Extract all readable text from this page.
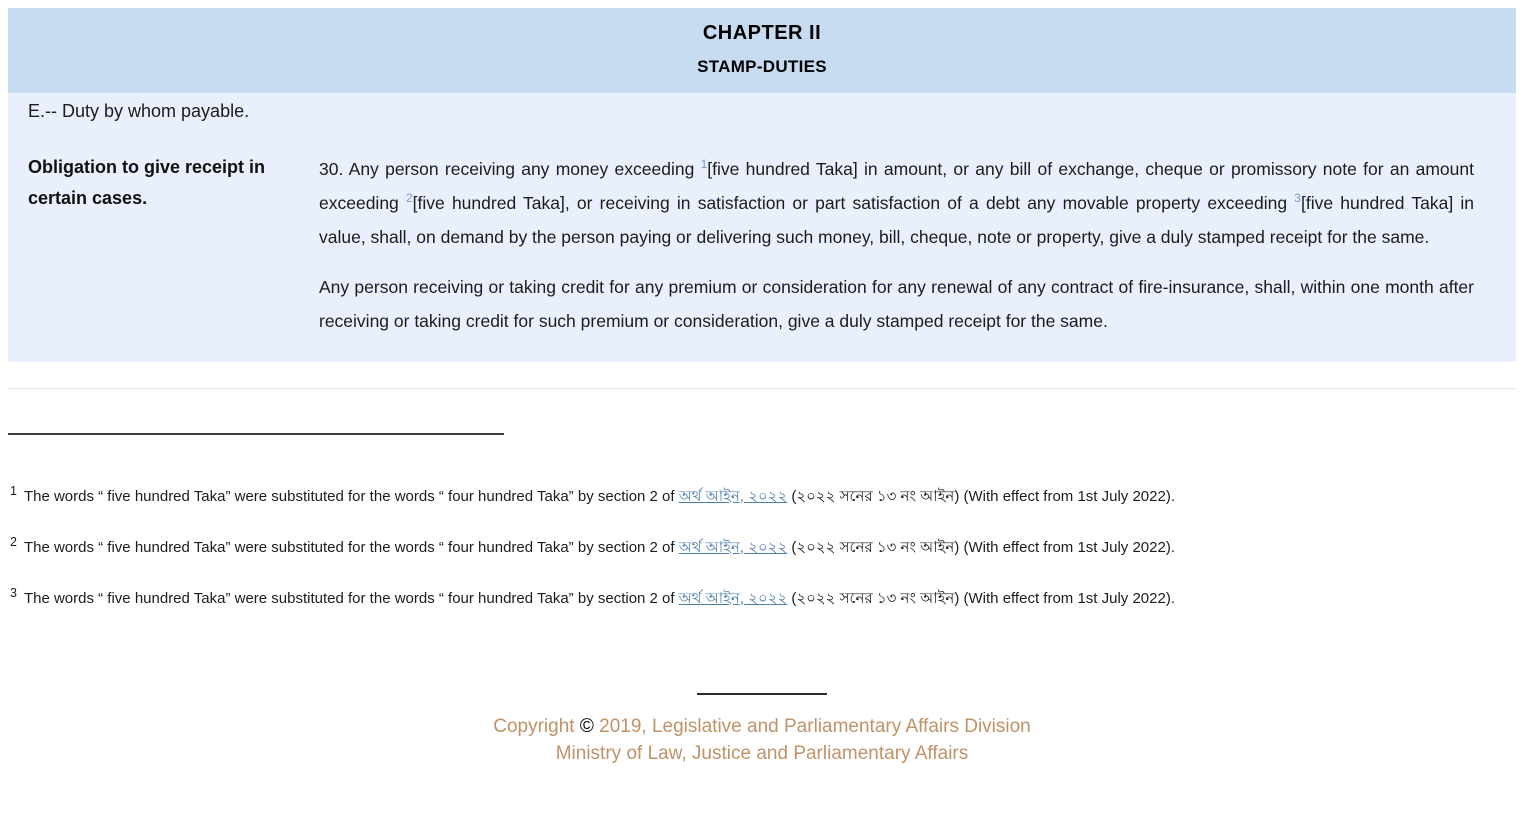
CHAPTER II
STAMP-DUTIES
E.-- Duty by whom payable.
Obligation to give receipt in certain cases.

30. Any person receiving any money exceeding $^1$[five hundred Taka] in amount, or any bill of exchange, cheque or promissory note for an amount exceeding $^2$[five hundred Taka], or receiving in satisfaction or part satisfaction of a debt any movable property exceeding $^3$[five hundred Taka] in value, shall, on demand by the person paying or delivering such money, bill, cheque, note or property, give a duly stamped receipt for the same.

Any person receiving or taking credit for any premium or consideration for any renewal of any contract of fire-insurance, shall, within one month after receiving or taking credit for such premium or consideration, give a duly stamped receipt for the same.

$^1$ The words “ five hundred Taka” were substituted for the words “ four hundred Taka” by section 2 of অর্থ আইন, ২০২২ (২০২২ সনের ১৩ নং আইন) (With effect from 1st July 2022).
$^2$ The words “ five hundred Taka” were substituted for the words “ four hundred Taka” by section 2 of অর্থ আইন, ২০২২ (২০২২ সনের ১৩ নং আইন) (With effect from 1st July 2022).
$^3$ The words “ five hundred Taka” were substituted for the words “ four hundred Taka” by section 2 of অর্থ আইন, ২০২২ (২০২২ সনের ১৩ নং আইন) (With effect from 1st July 2022).
Copyright © 2019, Legislative and Parliamentary Affairs Division
Ministry of Law, Justice and Parliamentary Affairs
